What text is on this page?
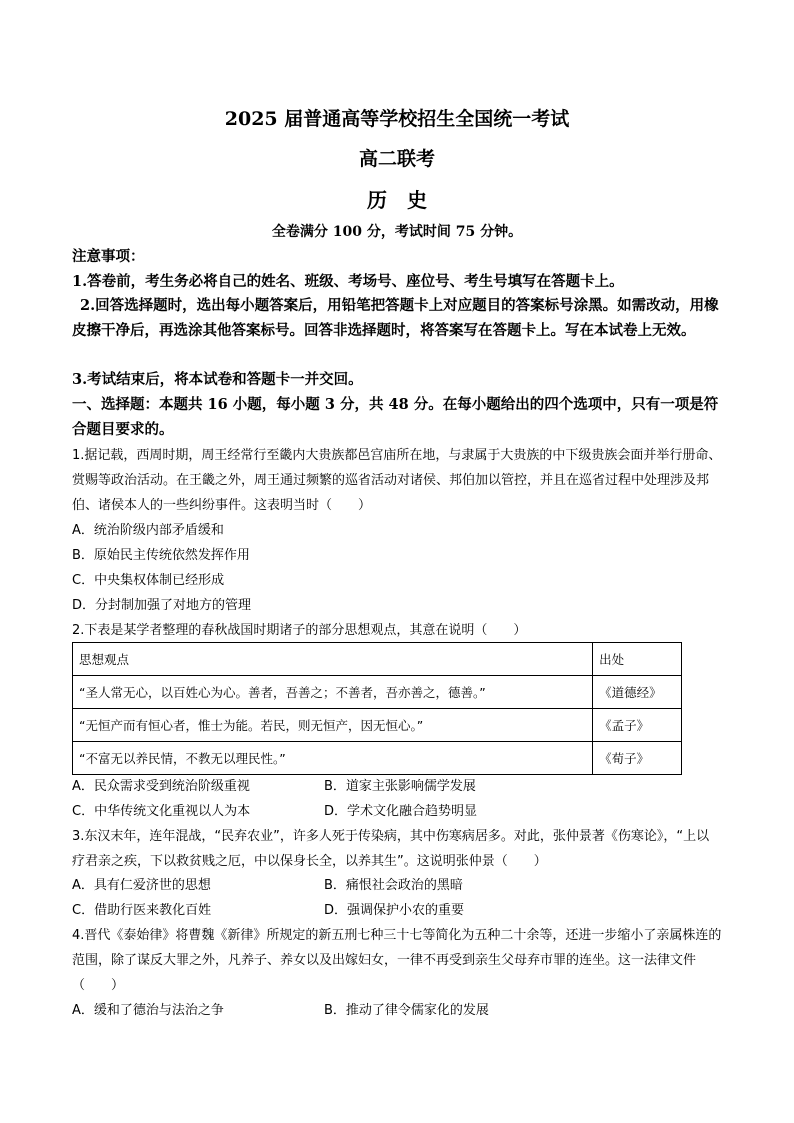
2025 届普通高等学校招生全国统一考试
高二联考
历史
全卷满分 100 分，考试时间 75 分钟。
注意事项：
1.答卷前，考生务必将自己的姓名、班级、考场号、座位号、考生号填写在答题卡上。
2.回答选择题时，选出每小题答案后，用铅笔把答题卡上对应题目的答案标号涂黑。如需改动，用橡皮擦干净后，再选涂其他答案标号。回答非选择题时，将答案写在答题卡上。写在本试卷上无效。
3.考试结束后，将本试卷和答题卡一并交回。
一、选择题：本题共 16 小题，每小题 3 分，共 48 分。在每小题给出的四个选项中，只有一项是符合题目要求的。
1.据记载，西周时期，周王经常行至畿内大贵族都邑宫庙所在地，与隶属于大贵族的中下级贵族会面并举行册命、赏赐等政治活动。在王畿之外，周王通过频繁的巡省活动对诸侯、邦伯加以管控，并且在巡省过程中处理涉及邦伯、诸侯本人的一些纠纷事件。这表明当时（　　）
A．统治阶级内部矛盾缓和
B．原始民主传统依然发挥作用
C．中央集权体制已经形成
D．分封制加强了对地方的管理
2.下表是某学者整理的春秋战国时期诸子的部分思想观点，其意在说明（　　）
思想观点	出处
“圣人常无心，以百姓心为心。善者，吾善之；不善者，吾亦善之，德善。”	《道德经》
“无恒产而有恒心者，惟士为能。若民，则无恒产，因无恒心。”	《孟子》
“不富无以养民情，不教无以理民性。”	《荀子》
A．民众需求受到统治阶级重视	B．道家主张影响儒学发展
C．中华传统文化重视以人为本	D．学术文化融合趋势明显
3.东汉末年，连年混战，“民弃农业”，许多人死于传染病，其中伤寒病居多。对此，张仲景著《伤寒论》，“上以疗君亲之疾，下以救贫贱之厄，中以保身长全，以养其生”。这说明张仲景（　　）
A．具有仁爱济世的思想	B．痛恨社会政治的黑暗
C．借助行医来教化百姓	D．强调保护小农的重要
4.晋代《泰始律》将曹魏《新律》所规定的新五刑七种三十七等简化为五种二十余等，还进一步缩小了亲属株连的范围，除了谋反大罪之外，凡养子、养女以及出嫁妇女，一律不再受到亲生父母弃市罪的连坐。这一法律文件（　　）
A．缓和了德治与法治之争	B．推动了律令儒家化的发展
